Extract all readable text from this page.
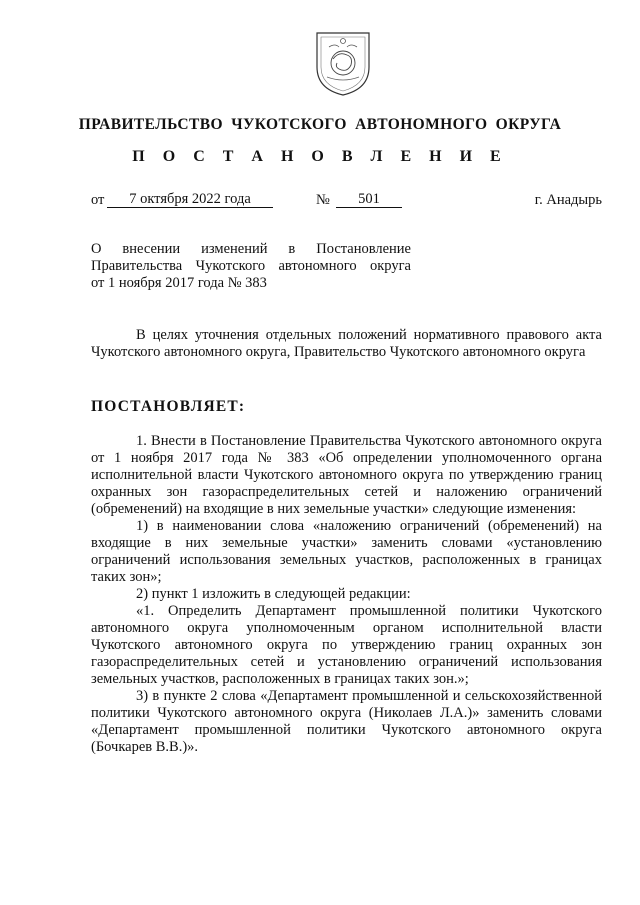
ПРАВИТЕЛЬСТВО ЧУКОТСКОГО АВТОНОМНОГО ОКРУГА
П О С Т А Н О В Л Е Н И Е
от	7 октября 2022 года	№	501	г. Анадырь
О внесении изменений в Постановление
Правительства Чукотского автономного округа
от 1 ноября 2017 года № 383
В целях уточнения отдельных положений нормативного правового акта Чукотского автономного округа, Правительство Чукотского автономного округа
ПОСТАНОВЛЯЕТ:
1. Внести в Постановление Правительства Чукотского автономного округа от 1 ноября 2017 года № 383 «Об определении уполномоченного органа исполнительной власти Чукотского автономного округа по утверждению границ охранных зон газораспределительных сетей и наложению ограничений (обременений) на входящие в них земельные участки» следующие изменения:
1) в наименовании слова «наложению ограничений (обременений) на входящие в них земельные участки» заменить словами «установлению ограничений использования земельных участков, расположенных в границах таких зон»;
2) пункт 1 изложить в следующей редакции:
«1. Определить Департамент промышленной политики Чукотского автономного округа уполномоченным органом исполнительной власти Чукотского автономного округа по утверждению границ охранных зон газораспределительных сетей и установлению ограничений использования земельных участков, расположенных в границах таких зон.»;
3) в пункте 2 слова «Департамент промышленной и сельскохозяйственной политики Чукотского автономного округа (Николаев Л.А.)» заменить словами «Департамент промышленной политики Чукотского автономного округа (Бочкарев В.В.)».
